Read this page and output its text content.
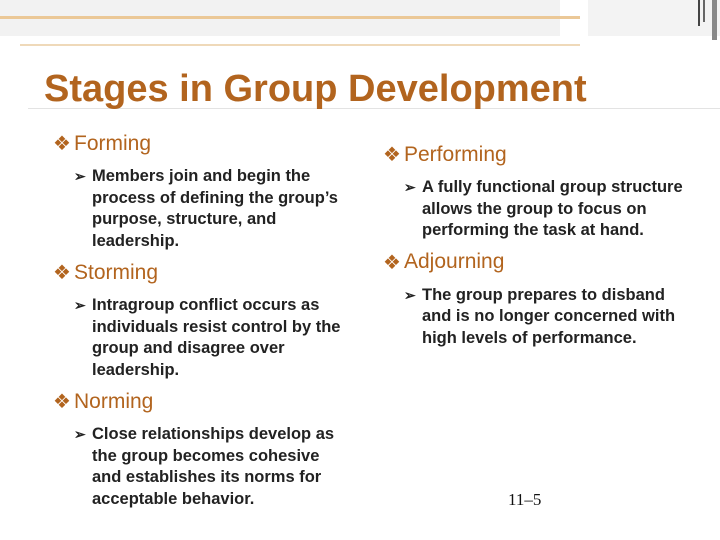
Stages in Group Development
❖ Forming
➢ Members join and begin the process of defining the group’s purpose, structure, and leadership.
❖ Storming
➢ Intragroup conflict occurs as individuals resist control by the group and disagree over leadership.
❖ Norming
➢ Close relationships develop as the group becomes cohesive and establishes its norms for acceptable behavior.
❖ Performing
➢ A fully functional group structure allows the group to focus on performing the task at hand.
❖ Adjourning
➢ The group prepares to disband and is no longer concerned with high levels of performance.
11–5
